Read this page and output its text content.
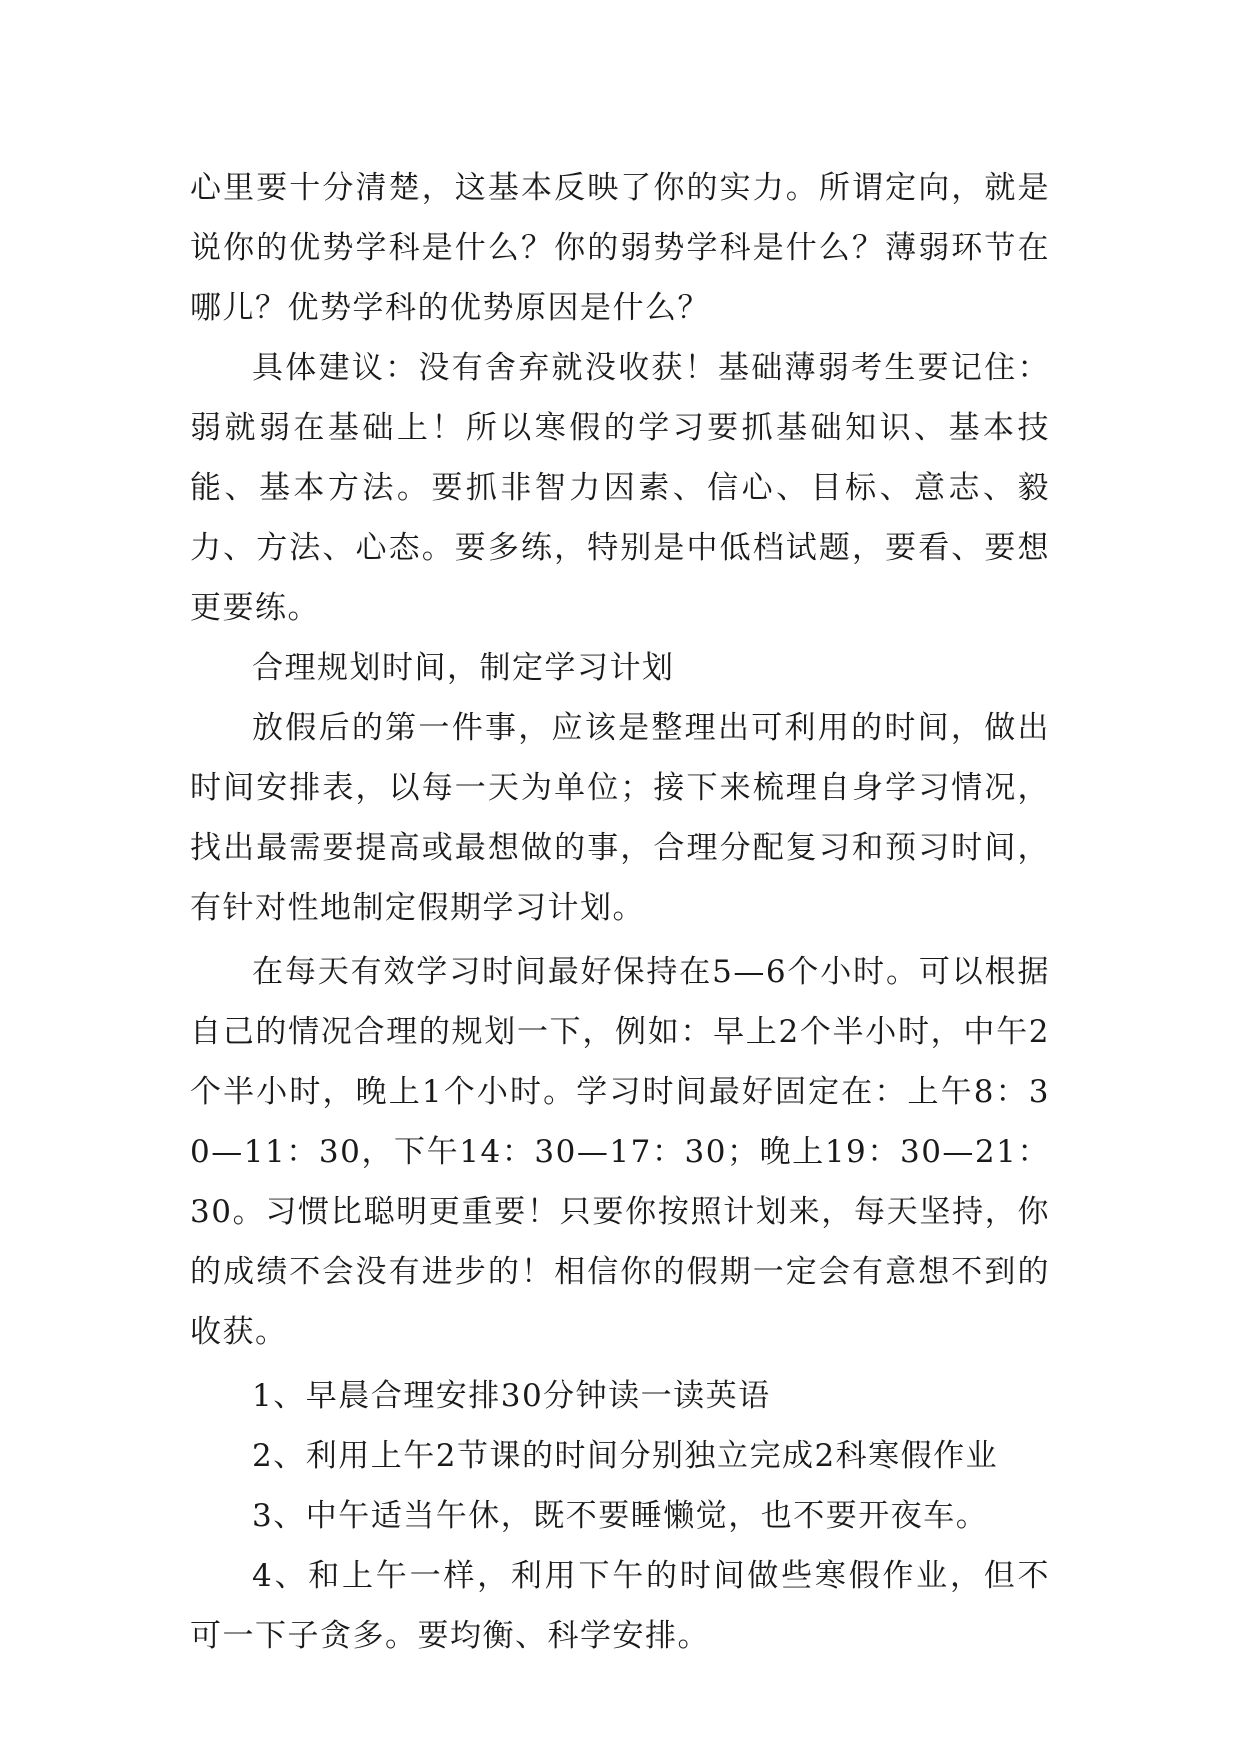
心里要十分清楚，这基本反映了你的实力。所谓定向，就是说你的优势学科是什么？你的弱势学科是什么？薄弱环节在哪儿？优势学科的优势原因是什么？

具体建议：没有舍弃就没收获！基础薄弱考生要记住：弱就弱在基础上！所以寒假的学习要抓基础知识、基本技能、基本方法。要抓非智力因素、信心、目标、意志、毅力、方法、心态。要多练，特别是中低档试题，要看、要想更要练。

合理规划时间，制定学习计划

放假后的第一件事，应该是整理出可利用的时间，做出时间安排表，以每一天为单位；接下来梳理自身学习情况，找出最需要提高或最想做的事，合理分配复习和预习时间，有针对性地制定假期学习计划。

在每天有效学习时间最好保持在5—6个小时。可以根据自己的情况合理的规划一下，例如：早上2个半小时，中午2个半小时，晚上1个小时。学习时间最好固定在：上午8：30—11：30，下午14：30—17：30；晚上19：30—21：30。习惯比聪明更重要！只要你按照计划来，每天坚持，你的成绩不会没有进步的！相信你的假期一定会有意想不到的收获。

1、早晨合理安排30分钟读一读英语

2、利用上午2节课的时间分别独立完成2科寒假作业

3、中午适当午休，既不要睡懒觉，也不要开夜车。

4、和上午一样，利用下午的时间做些寒假作业，但不可一下子贪多。要均衡、科学安排。
